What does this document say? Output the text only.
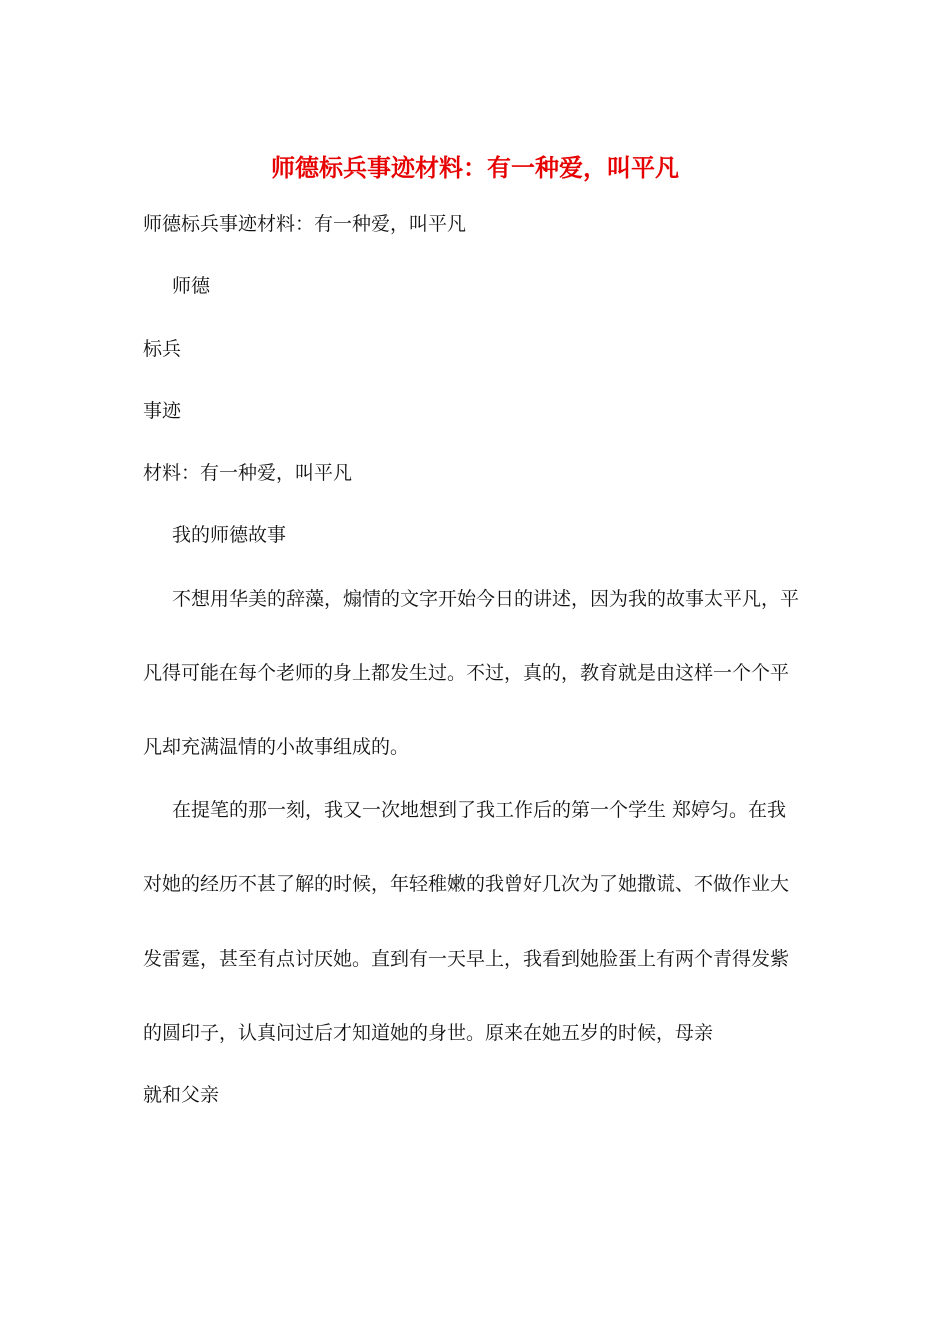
师德标兵事迹材料：有一种爱，叫平凡
师德标兵事迹材料：有一种爱，叫平凡
师德
标兵
事迹
材料：有一种爱，叫平凡
我的师德故事
不想用华美的辞藻，煽情的文字开始今日的讲述，因为我的故事太平凡，平
凡得可能在每个老师的身上都发生过。不过，真的，教育就是由这样一个个平
凡却充满温情的小故事组成的。
在提笔的那一刻，我又一次地想到了我工作后的第一个学生 郑婷匀。在我
对她的经历不甚了解的时候，年轻稚嫩的我曾好几次为了她撒谎、不做作业大
发雷霆，甚至有点讨厌她。直到有一天早上，我看到她脸蛋上有两个青得发紫
的圆印子，认真问过后才知道她的身世。原来在她五岁的时候，母亲
就和父亲
